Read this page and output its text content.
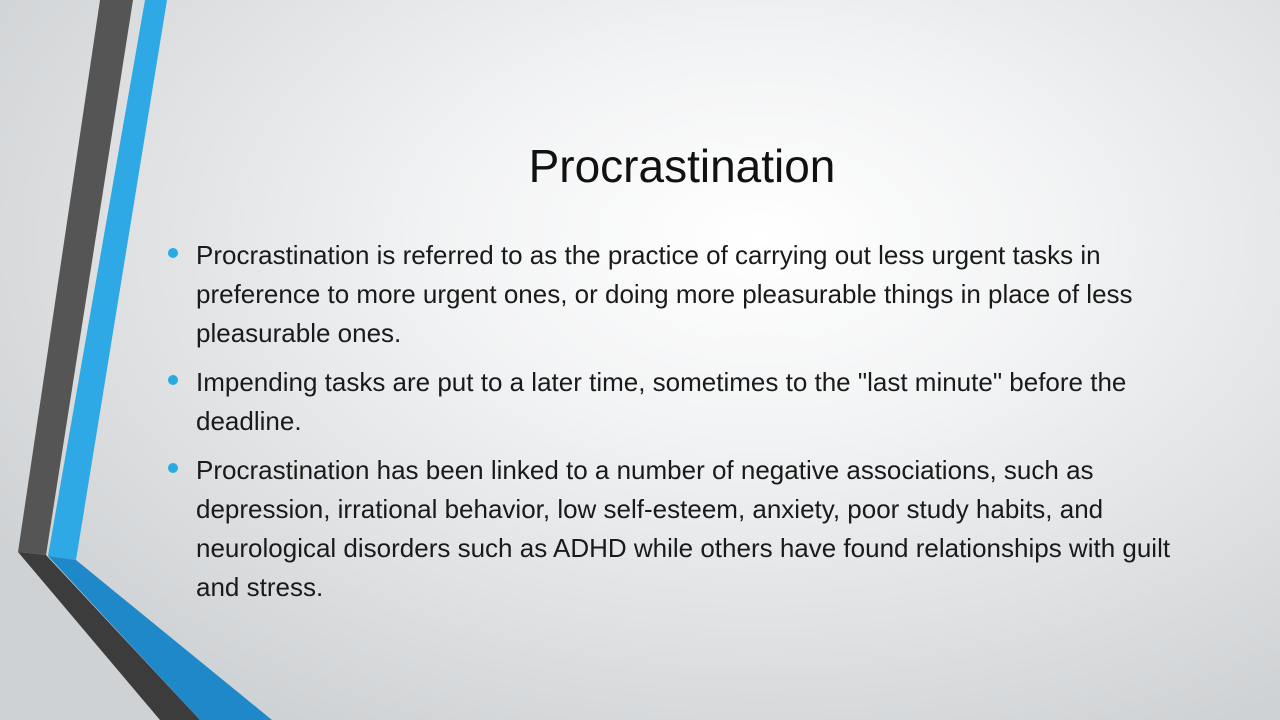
Procrastination
Procrastination is referred to as the practice of carrying out less urgent tasks in preference to more urgent ones, or doing more pleasurable things in place of less pleasurable ones.
Impending tasks are put to a later time, sometimes to the "last minute" before the deadline.
Procrastination has been linked to a number of negative associations, such as depression, irrational behavior, low self-esteem, anxiety, poor study habits, and neurological disorders such as ADHD while others have found relationships with guilt and stress.
